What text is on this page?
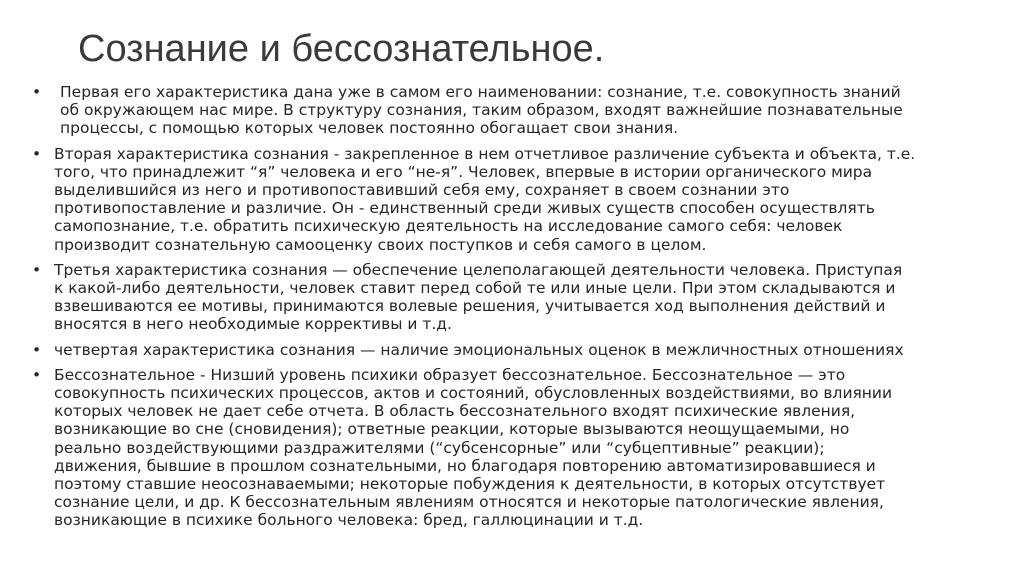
Сознание и бессознательное.
• Первая его характеристика дана уже в самом его наименовании: сознание, т.е. совокупность знаний
об окружающем нас мире. В структуру сознания, таким образом, входят важнейшие познавательные
процессы, с помощью которых человек постоянно обогащает свои знания.

• Вторая характеристика сознания - закрепленное в нем отчетливое различение субъекта и объекта, т.е.
того, что принадлежит “я” человека и его “не-я”. Человек, впервые в истории органического мира
выделившийся из него и противопоставивший себя ему, сохраняет в своем сознании это
противопоставление и различие. Он - единственный среди живых существ способен осуществлять
самопознание, т.е. обратить психическую деятельность на исследование самого себя: человек
производит сознательную самооценку своих поступков и себя самого в целом.

• Третья характеристика сознания — обеспечение целеполагающей деятельности человека. Приступая
к какой-либо деятельности, человек ставит перед собой те или иные цели. При этом складываются и
взвешиваются ее мотивы, принимаются волевые решения, учитывается ход выполнения действий и
вносятся в него необходимые коррективы и т.д.

• четвертая характеристика сознания — наличие эмоциональных оценок в межличностных отношениях

• Бессознательное - Низший уровень психики образует бессознательное. Бессознательное — это
совокупность психических процессов, актов и состояний, обусловленных воздействиями, во влиянии
которых человек не дает себе отчета. В область бессознательного входят психические явления,
возникающие во сне (сновидения); ответные реакции, которые вызываются неощущаемыми, но
реально воздействующими раздражителями (“субсенсорные” или “субцептивные” реакции);
движения, бывшие в прошлом сознательными, но благодаря повторению автоматизировавшиеся и
поэтому ставшие неосознаваемыми; некоторые побуждения к деятельности, в которых отсутствует
сознание цели, и др. К бессознательным явлениям относятся и некоторые патологические явления,
возникающие в психике больного человека: бред, галлюцинации и т.д.
